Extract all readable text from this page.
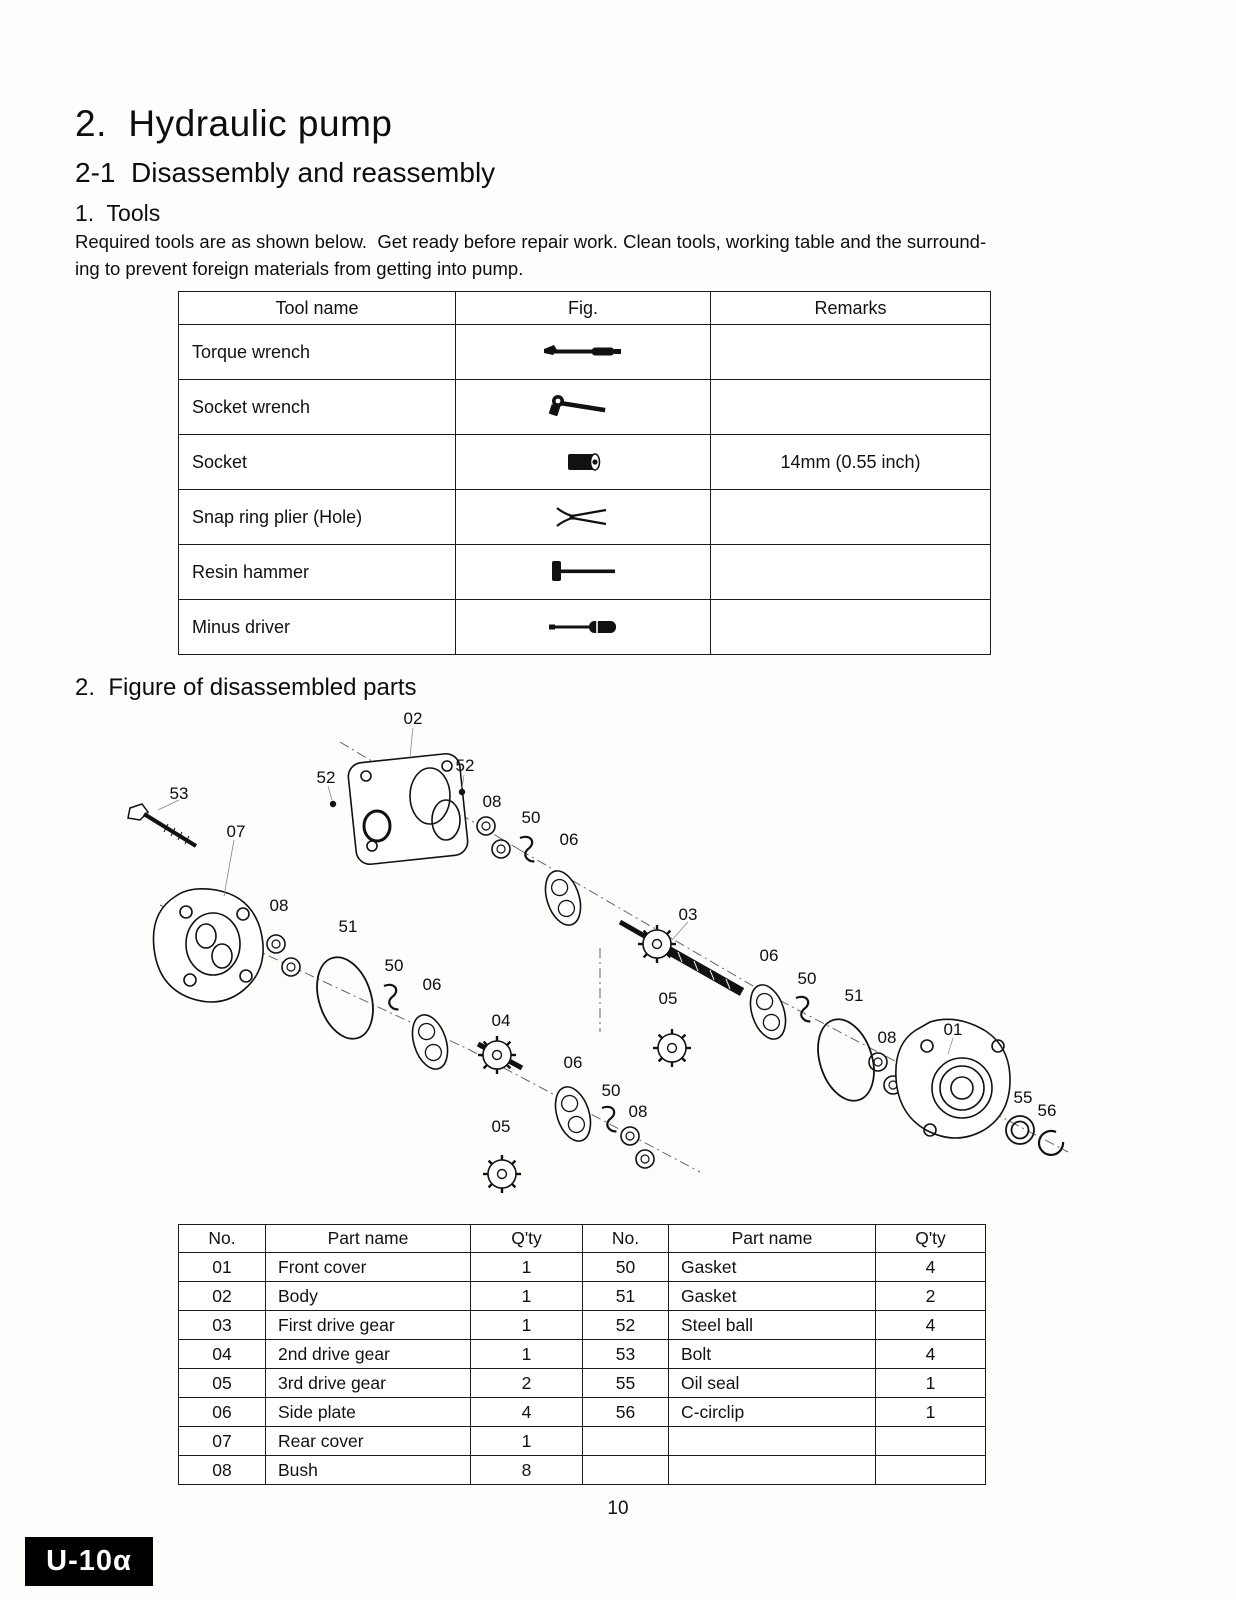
2.  Hydraulic pump
2-1  Disassembly and reassembly
1.  Tools
Required tools are as shown below.  Get ready before repair work. Clean tools, working table and the surround-
ing to prevent foreign materials from getting into pump.
Tool name	Fig.	Remarks
Torque wrench		
Socket wrench		
Socket		14mm (0.55 inch)
Snap ring plier (Hole)		
Resin hammer		
Minus driver		
2.  Figure of disassembled parts
02
52
52
53	08
50
06
07
08	03
51
50
06
06
50
51
05
04
08	01
06
50
08
05
55
56
No.	Part name	Q'ty	No.	Part name	Q'ty
01	Front cover	1	50	Gasket	4
02	Body	1	51	Gasket	2
03	First drive gear	1	52	Steel ball	4
04	2nd drive gear	1	53	Bolt	4
05	3rd drive gear	2	55	Oil seal	1
06	Side plate	4	56	C-circlip	1
07	Rear cover	1			
08	Bush	8			
10
U-10α
